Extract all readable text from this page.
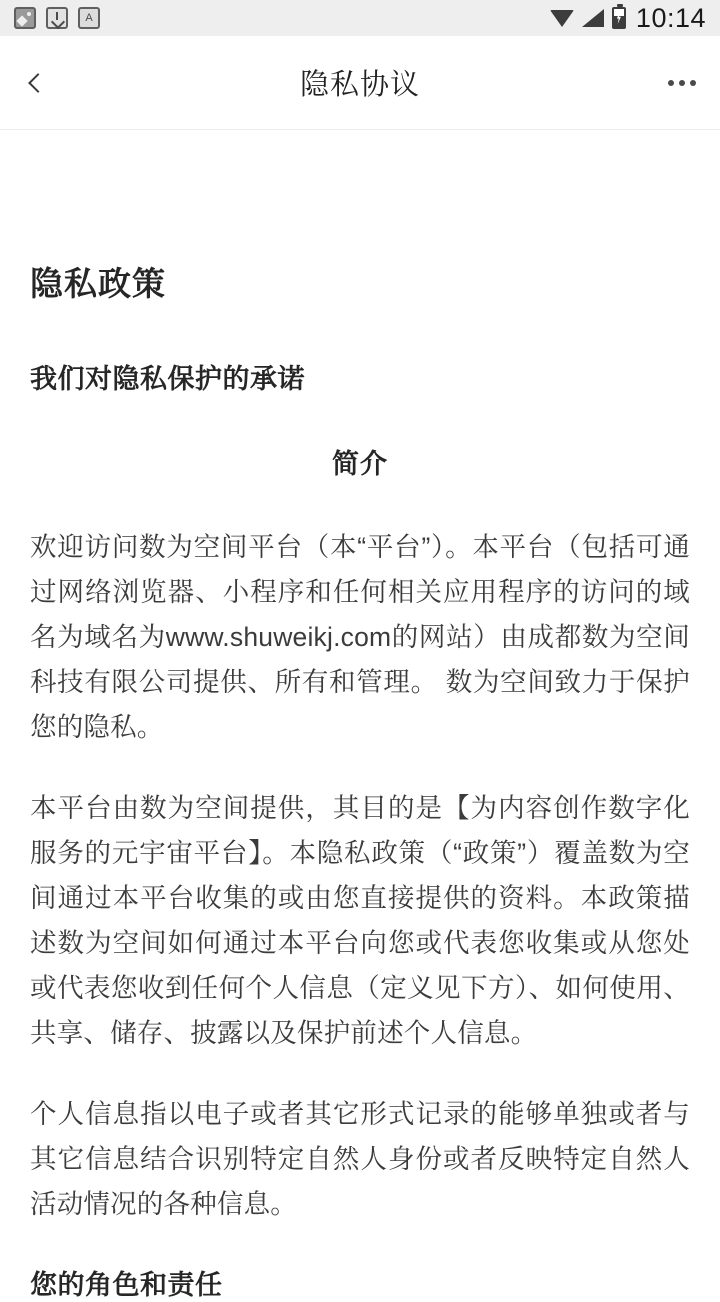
A	10:14
隐私协议
隐私政策
我们对隐私保护的承诺
简介

欢迎访问数为空间平台（本“平台”）。本平台（包括可通过网络浏览器、小程序和任何相关应用程序的访问的域名为域名为www.shuweikj.com的网站）由成都数为空间科技有限公司提供、所有和管理。 数为空间致力于保护您的隐私。

本平台由数为空间提供，其目的是【为内容创作数字化服务的元宇宙平台】。本隐私政策（“政策”）覆盖数为空间通过本平台收集的或由您直接提供的资料。本政策描述数为空间如何通过本平台向您或代表您收集或从您处或代表您收到任何个人信息（定义见下方）、如何使用、共享、储存、披露以及保护前述个人信息。

个人信息指以电子或者其它形式记录的能够单独或者与其它信息结合识别特定自然人身份或者反映特定自然人活动情况的各种信息。

您的角色和责任
